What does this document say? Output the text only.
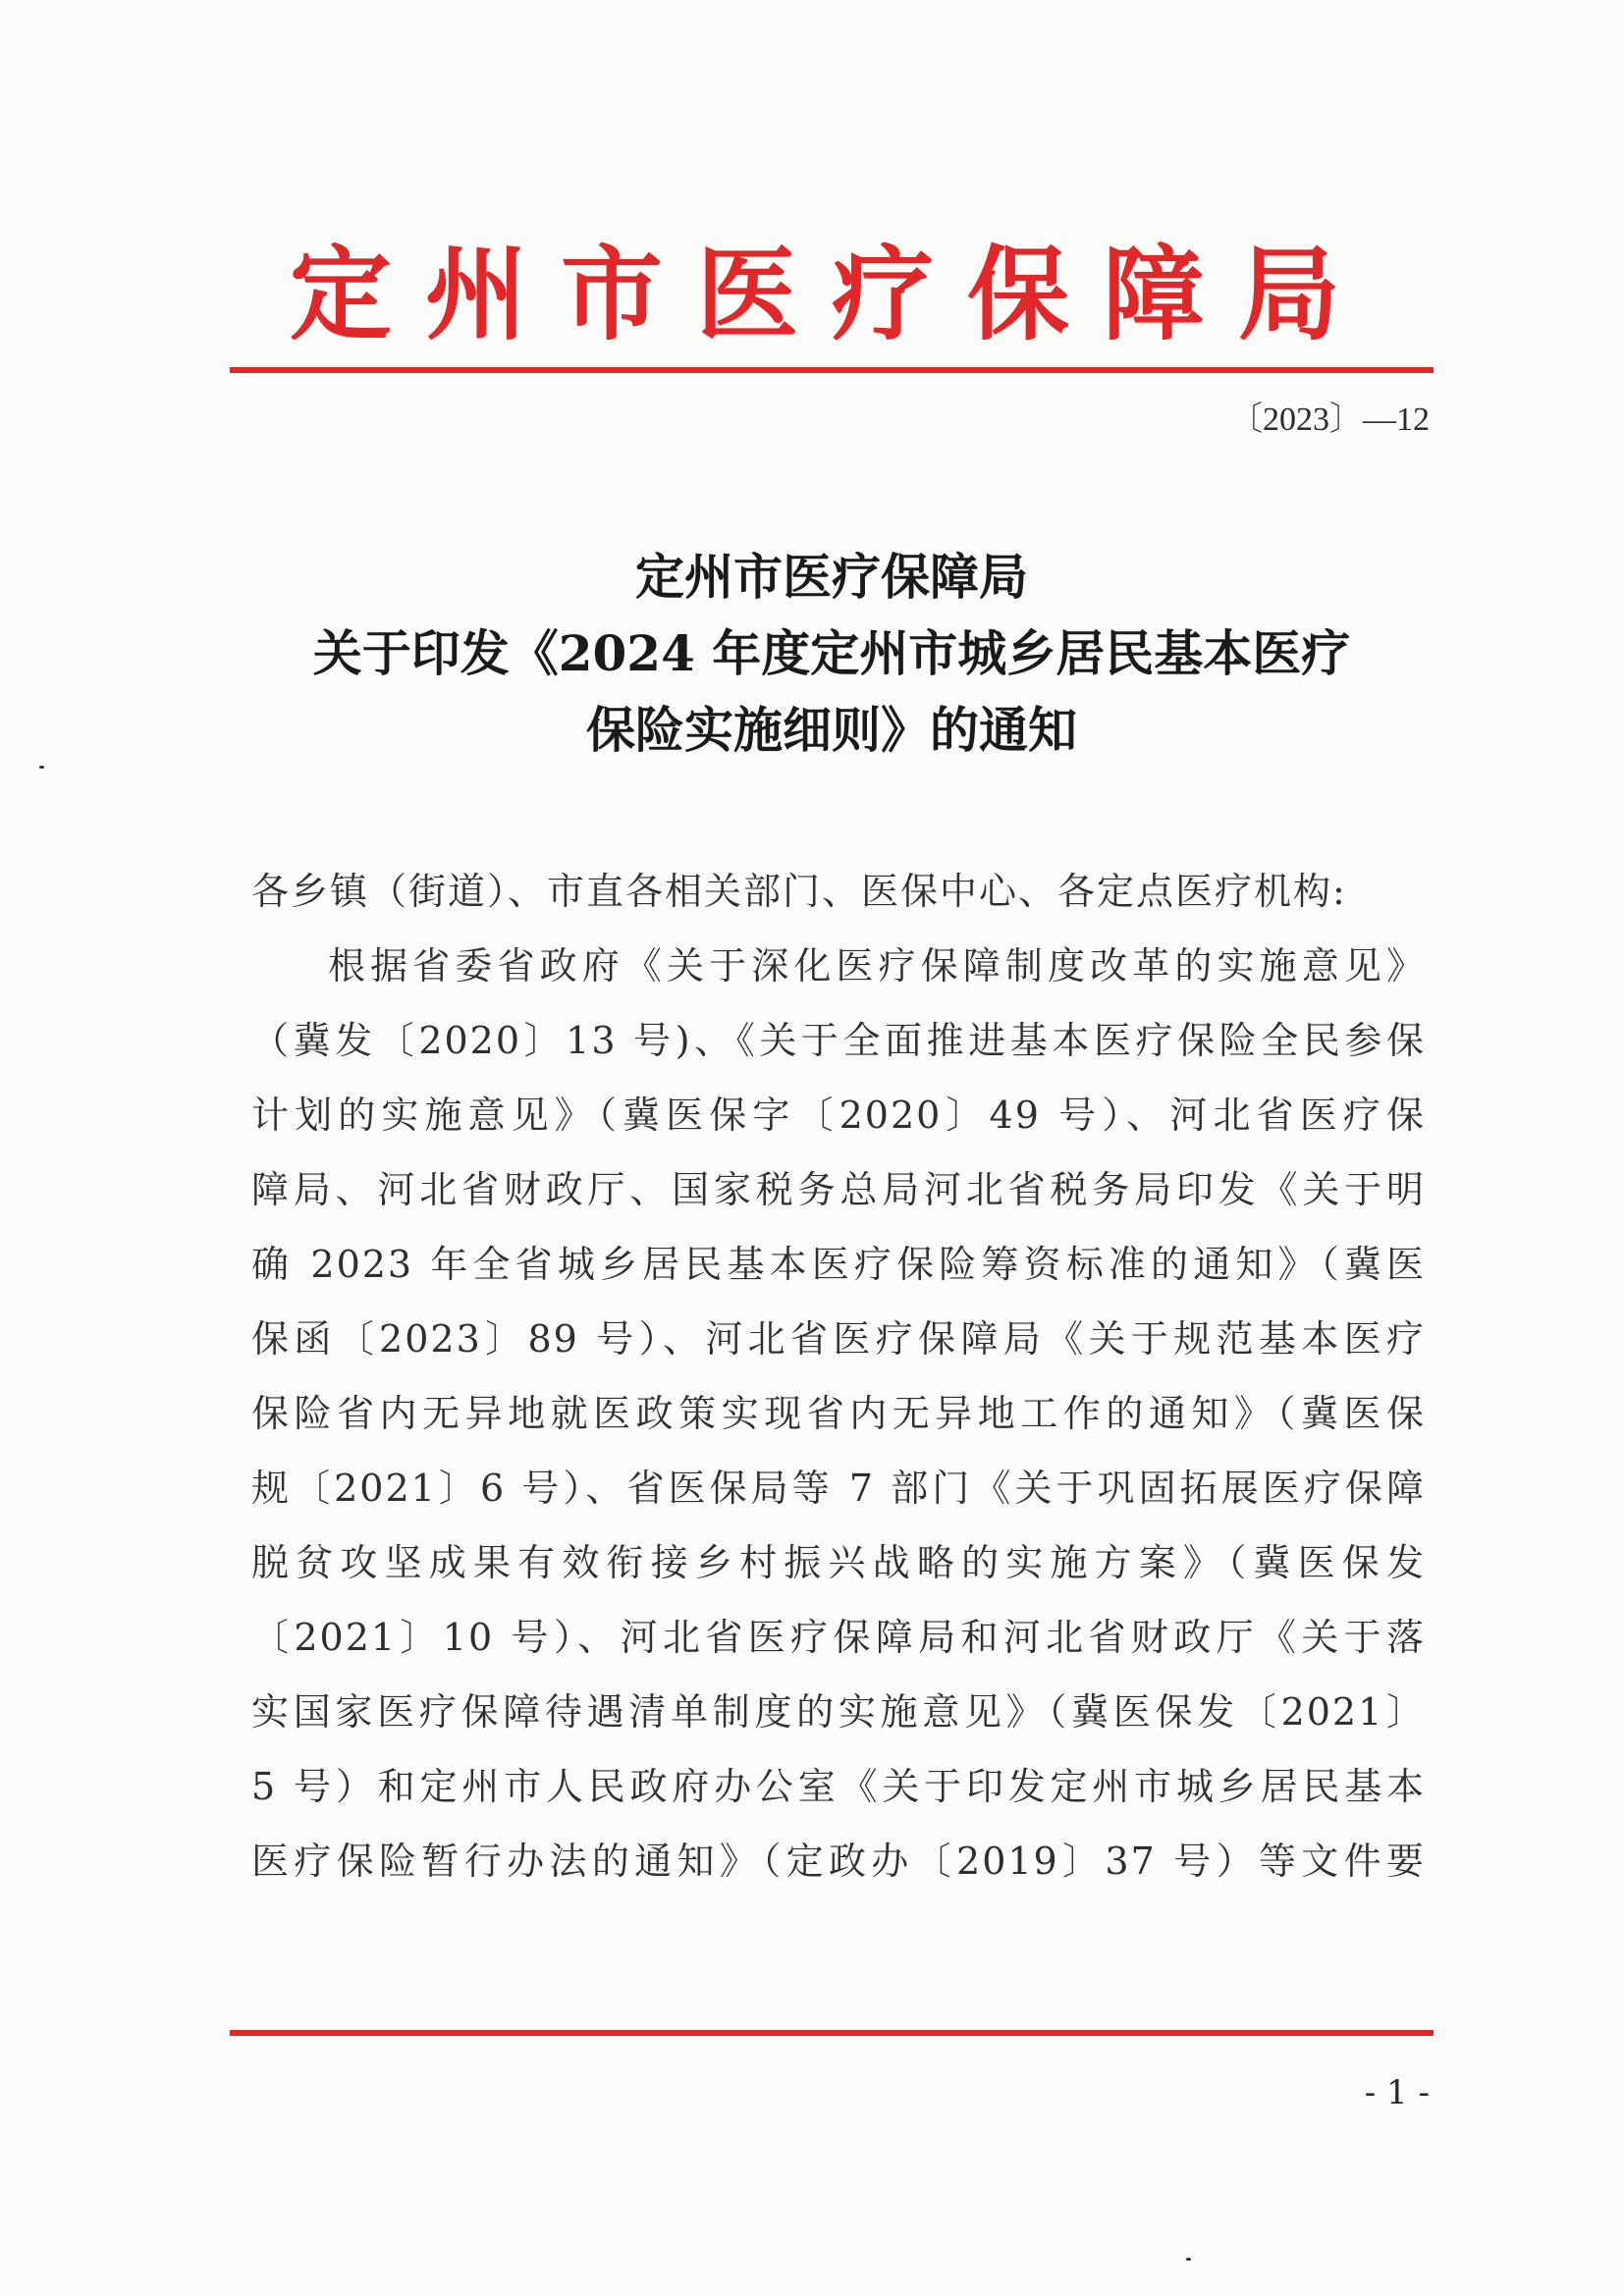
定州市医疗保障局
〔2023〕—12
定州市医疗保障局
关于印发《2024 年度定州市城乡居民基本医疗
保险实施细则》的通知
各乡镇（街道）、市直各相关部门、医保中心、各定点医疗机构:
根据省委省政府《关于深化医疗保障制度改革的实施意见》
（冀发〔2020〕13 号)、《关于全面推进基本医疗保险全民参保
计划的实施意见》（冀医保字〔2020〕49 号）、河北省医疗保
障局、河北省财政厅、国家税务总局河北省税务局印发《关于明
确 2023 年全省城乡居民基本医疗保险筹资标准的通知》（冀医
保函〔2023〕89 号）、河北省医疗保障局《关于规范基本医疗
保险省内无异地就医政策实现省内无异地工作的通知》（冀医保
规〔2021〕6 号）、省医保局等 7 部门《关于巩固拓展医疗保障
脱贫攻坚成果有效衔接乡村振兴战略的实施方案》（冀医保发
〔2021〕10 号）、河北省医疗保障局和河北省财政厅《关于落
实国家医疗保障待遇清单制度的实施意见》（冀医保发〔2021〕
5 号）和定州市人民政府办公室《关于印发定州市城乡居民基本
医疗保险暂行办法的通知》（定政办〔2019〕37 号）等文件要
- 1 -
